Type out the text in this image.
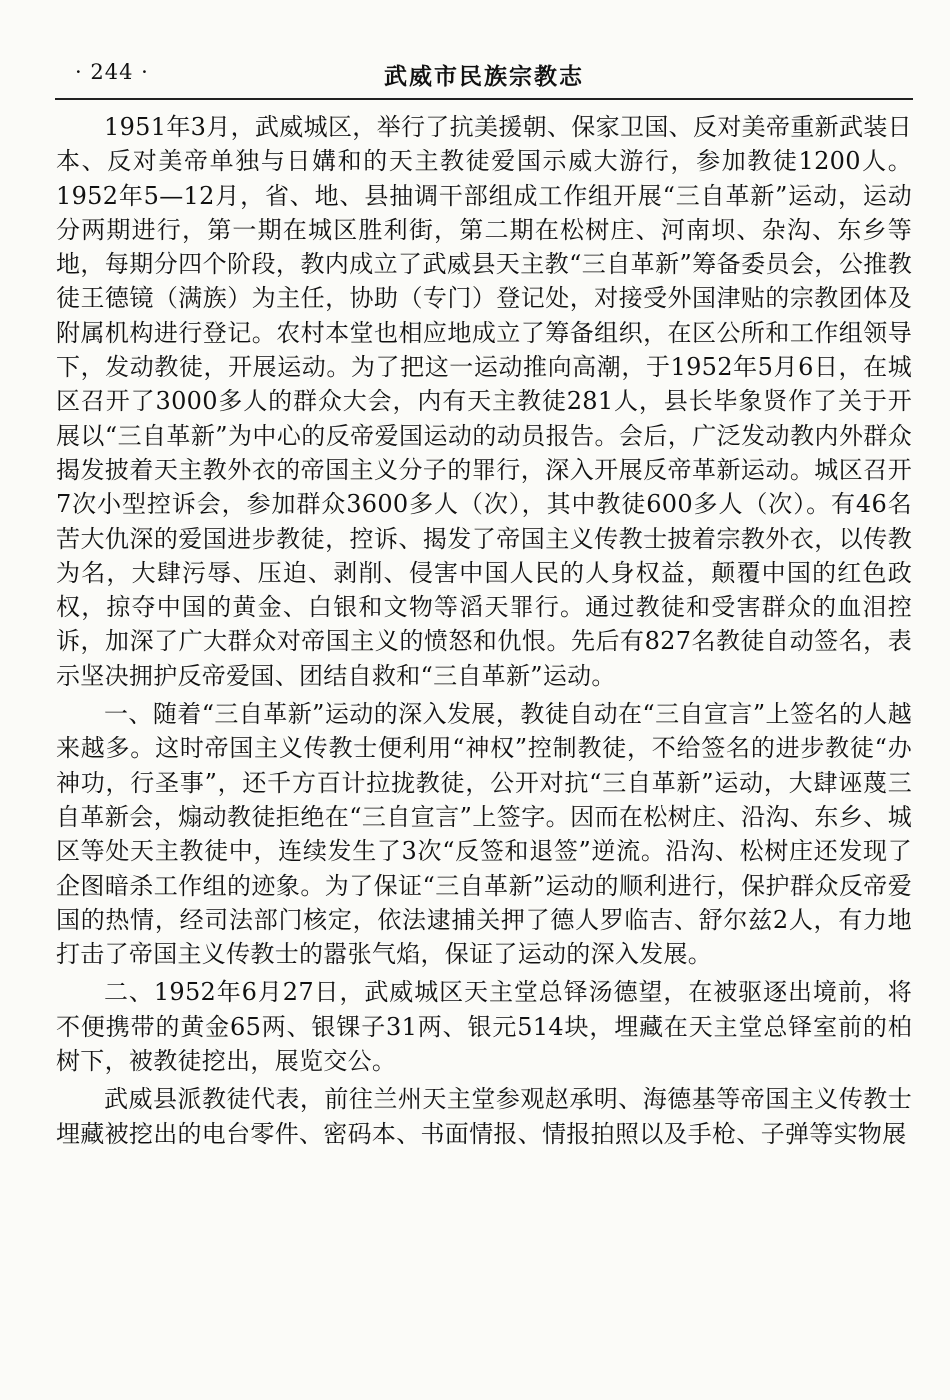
· 244 ·	武威市民族宗教志

1951年3月，武威城区，举行了抗美援朝、保家卫国、反对美帝重新武装日本、反对美帝单独与日媾和的天主教徒爱国示威大游行，参加教徒1200人。1952年5—12月，省、地、县抽调干部组成工作组开展“三自革新”运动，运动分两期进行，第一期在城区胜利街，第二期在松树庄、河南坝、杂沟、东乡等地，每期分四个阶段，教内成立了武威县天主教“三自革新”筹备委员会，公推教徒王德镜（满族）为主任，协助（专门）登记处，对接受外国津贴的宗教团体及附属机构进行登记。农村本堂也相应地成立了筹备组织，在区公所和工作组领导下，发动教徒，开展运动。为了把这一运动推向高潮，于1952年5月6日，在城区召开了3000多人的群众大会，内有天主教徒281人，县长毕象贤作了关于开展以“三自革新”为中心的反帝爱国运动的动员报告。会后，广泛发动教内外群众揭发披着天主教外衣的帝国主义分子的罪行，深入开展反帝革新运动。城区召开7次小型控诉会，参加群众3600多人（次），其中教徒600多人（次）。有46名苦大仇深的爱国进步教徒，控诉、揭发了帝国主义传教士披着宗教外衣，以传教为名，大肆污辱、压迫、剥削、侵害中国人民的人身权益，颠覆中国的红色政权，掠夺中国的黄金、白银和文物等滔天罪行。通过教徒和受害群众的血泪控诉，加深了广大群众对帝国主义的愤怒和仇恨。先后有827名教徒自动签名，表示坚决拥护反帝爱国、团结自救和“三自革新”运动。

一、随着“三自革新”运动的深入发展，教徒自动在“三自宣言”上签名的人越来越多。这时帝国主义传教士便利用“神权”控制教徒，不给签名的进步教徒“办神功，行圣事”，还千方百计拉拢教徒，公开对抗“三自革新”运动，大肆诬蔑三自革新会，煽动教徒拒绝在“三自宣言”上签字。因而在松树庄、沿沟、东乡、城区等处天主教徒中，连续发生了3次“反签和退签”逆流。沿沟、松树庄还发现了企图暗杀工作组的迹象。为了保证“三自革新”运动的顺利进行，保护群众反帝爱国的热情，经司法部门核定，依法逮捕关押了德人罗临吉、舒尔兹2人，有力地打击了帝国主义传教士的嚣张气焰，保证了运动的深入发展。

二、1952年6月27日，武威城区天主堂总铎汤德望，在被驱逐出境前，将不便携带的黄金65两、银锞子31两、银元514块，埋藏在天主堂总铎室前的柏树下，被教徒挖出，展览交公。

武威县派教徒代表，前往兰州天主堂参观赵承明、海德基等帝国主义传教士埋藏被挖出的电台零件、密码本、书面情报、情报拍照以及手枪、子弹等实物展
